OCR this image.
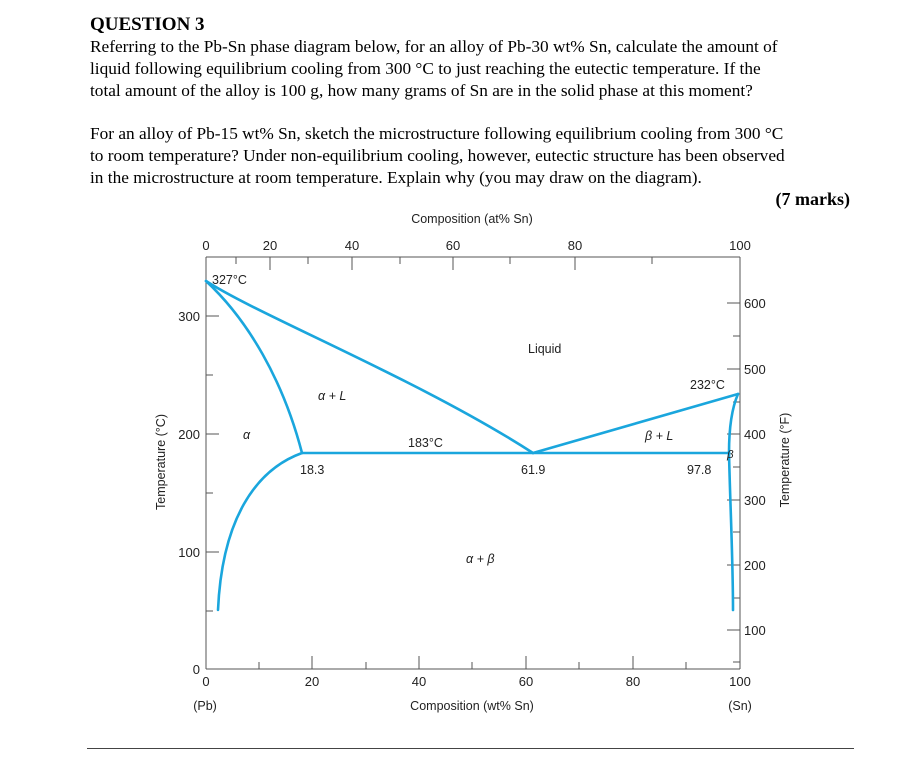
QUESTION 3
Referring to the Pb-Sn phase diagram below, for an alloy of Pb-30 wt% Sn, calculate the amount of
liquid following equilibrium cooling from 300 °C to just reaching the eutectic temperature. If the
total amount of the alloy is 100 g, how many grams of Sn are in the solid phase at this moment?
For an alloy of Pb-15 wt% Sn, sketch the microstructure following equilibrium cooling from 300 °C
to room temperature? Under non-equilibrium cooling, however, eutectic structure has been observed
in the microstructure at room temperature. Explain why (you may draw on the diagram).
(7 marks)
0	20	40	60	80	100
0	20	40	60	80	100
0
100
200
300
100
200
300
400
500
600
Composition (at% Sn)
Composition (wt% Sn)
Temperature (°C)	Temperature (°F)
(Pb)	(Sn)
327°C
232°C
183°C
18.3	61.9	97.8
Liquid
α + L
α	β + L
β
α + β
